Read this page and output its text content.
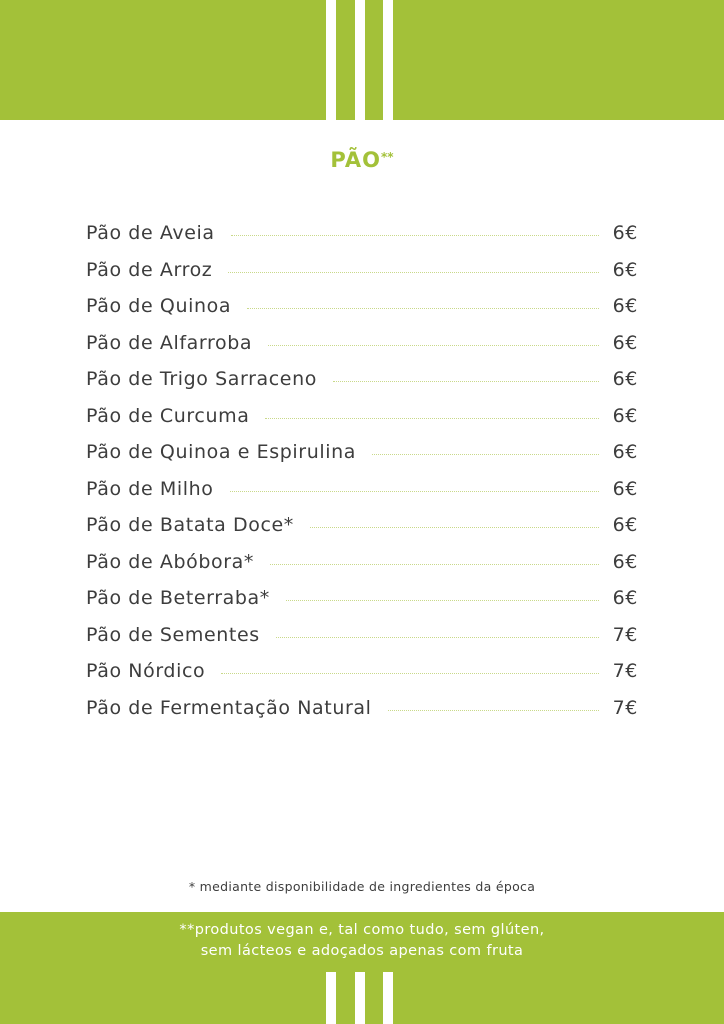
PÃO**
Pão de Aveia	6€
Pão de Arroz	6€
Pão de Quinoa	6€
Pão de Alfarroba	6€
Pão de Trigo Sarraceno	6€
Pão de Curcuma	6€
Pão de Quinoa e Espirulina	6€
Pão de Milho	6€
Pão de Batata Doce*	6€
Pão de Abóbora*	6€
Pão de Beterraba*	6€
Pão de Sementes	7€
Pão Nórdico	7€
Pão de Fermentação Natural	7€
* mediante disponibilidade de ingredientes da época
**produtos vegan e, tal como tudo, sem glúten,
sem lácteos e adoçados apenas com fruta
